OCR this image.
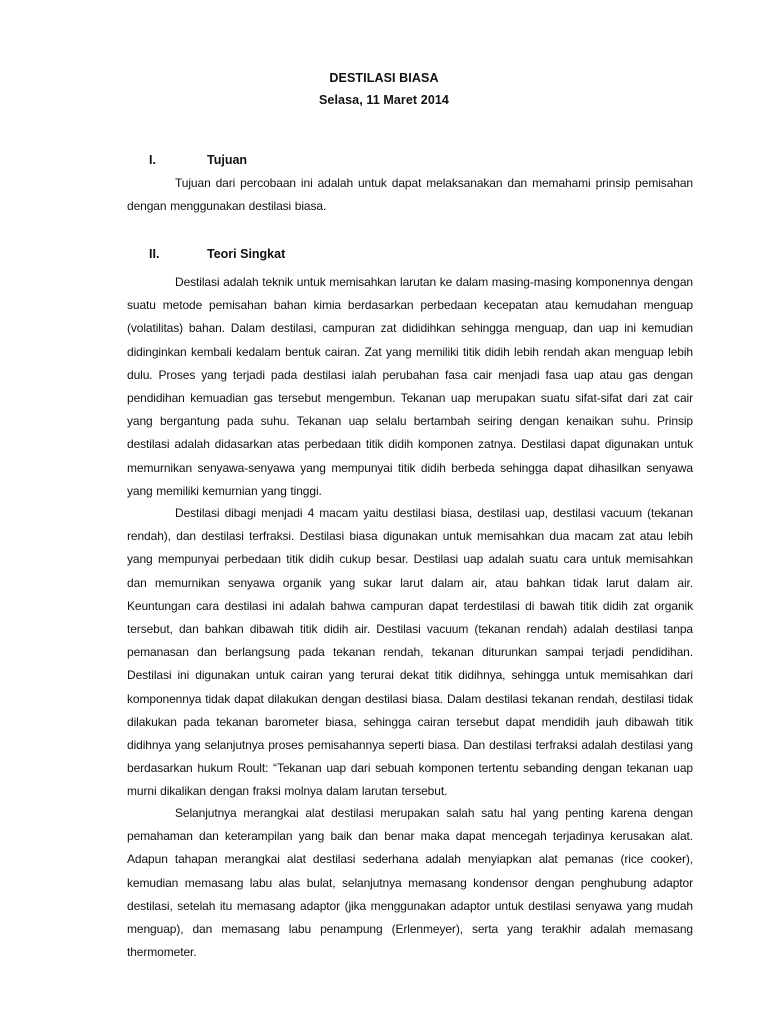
DESTILASI BIASA
Selasa, 11 Maret 2014
I.	Tujuan

Tujuan dari percobaan ini adalah untuk dapat melaksanakan dan memahami prinsip pemisahan dengan menggunakan destilasi biasa.

II.	Teori Singkat

Destilasi adalah teknik untuk memisahkan larutan ke dalam masing-masing komponennya dengan suatu metode pemisahan bahan kimia berdasarkan perbedaan kecepatan atau kemudahan menguap (volatilitas) bahan. Dalam destilasi, campuran zat dididihkan sehingga menguap, dan uap ini kemudian didinginkan kembali kedalam bentuk cairan. Zat yang memiliki titik didih lebih rendah akan menguap lebih dulu. Proses yang terjadi pada destilasi ialah perubahan fasa cair menjadi fasa uap atau gas dengan pendidihan kemuadian gas tersebut mengembun. Tekanan uap merupakan suatu sifat-sifat dari zat cair yang bergantung pada suhu. Tekanan uap selalu bertambah seiring dengan kenaikan suhu. Prinsip destilasi adalah didasarkan atas perbedaan titik didih komponen zatnya. Destilasi dapat digunakan untuk memurnikan senyawa-senyawa yang mempunyai titik didih berbeda sehingga dapat dihasilkan senyawa yang memiliki kemurnian yang tinggi.

Destilasi dibagi menjadi 4 macam yaitu destilasi biasa, destilasi uap, destilasi vacuum (tekanan rendah), dan destilasi terfraksi. Destilasi biasa digunakan untuk memisahkan dua macam zat atau lebih yang mempunyai perbedaan titik didih cukup besar. Destilasi uap adalah suatu cara untuk memisahkan dan memurnikan senyawa organik yang sukar larut dalam air, atau bahkan tidak larut dalam air. Keuntungan cara destilasi ini adalah bahwa campuran dapat terdestilasi di bawah titik didih zat organik tersebut, dan bahkan dibawah titik didih air. Destilasi vacuum (tekanan rendah) adalah destilasi tanpa pemanasan dan berlangsung pada tekanan rendah, tekanan diturunkan sampai terjadi pendidihan. Destilasi ini digunakan untuk cairan yang terurai dekat titik didihnya, sehingga untuk memisahkan dari komponennya tidak dapat dilakukan dengan destilasi biasa. Dalam destilasi tekanan rendah, destilasi tidak dilakukan pada tekanan barometer biasa, sehingga cairan tersebut dapat mendidih jauh dibawah titik didihnya yang selanjutnya proses pemisahannya seperti biasa. Dan destilasi terfraksi adalah destilasi yang berdasarkan hukum Roult: “Tekanan uap dari sebuah komponen tertentu sebanding dengan tekanan uap murni dikalikan dengan fraksi molnya dalam larutan tersebut.

Selanjutnya merangkai alat destilasi merupakan salah satu hal yang penting karena dengan pemahaman dan keterampilan yang baik dan benar maka dapat mencegah terjadinya kerusakan alat. Adapun tahapan merangkai alat destilasi sederhana adalah menyiapkan alat pemanas (rice cooker), kemudian memasang labu alas bulat, selanjutnya memasang kondensor dengan penghubung adaptor destilasi, setelah itu memasang adaptor (jika menggunakan adaptor untuk destilasi senyawa yang mudah menguap), dan memasang labu penampung (Erlenmeyer), serta yang terakhir adalah memasang thermometer.
